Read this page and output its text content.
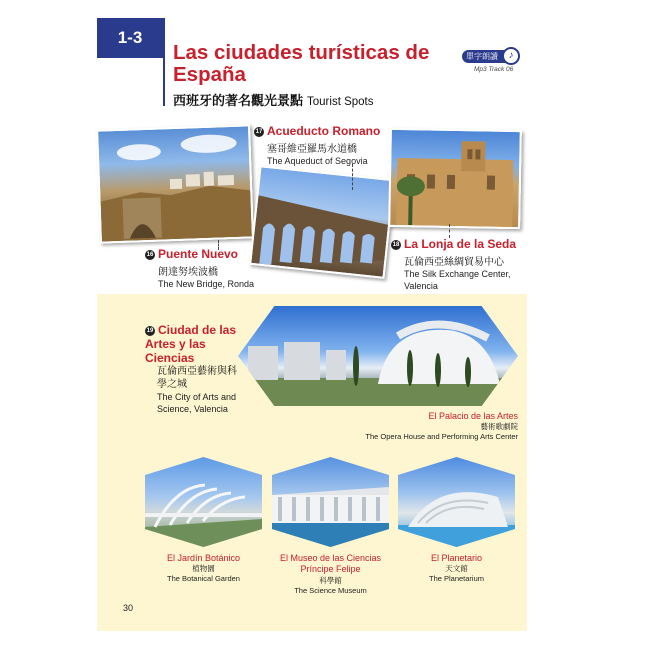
1-3
Las ciudades turísticas de España
西班牙的著名觀光景點 Tourist Spots
單字朗讀	♪
Mp3 Track 06
16 Puente Nuevo
朗達努埃波橋
The New Bridge, Ronda
17 Acueducto Romano
塞哥維亞羅馬水道橋
The Aqueduct of Segovia
18 La Lonja de la Seda
瓦倫西亞絲綢貿易中心
The Silk Exchange Center,
Valencia
19 Ciudad de las Artes y las Ciencias
瓦倫西亞藝術與科學之城
The City of Arts and Science, Valencia
El Palacio de las Artes
藝術歌劇院
The Opera House and Performing Arts Center
El Jardín Botánico
植物園
The Botanical Garden
El Museo de las Ciencias Príncipe Felipe
科學館
The Science Museum
El Planetario
天文館
The Planetarium
30
